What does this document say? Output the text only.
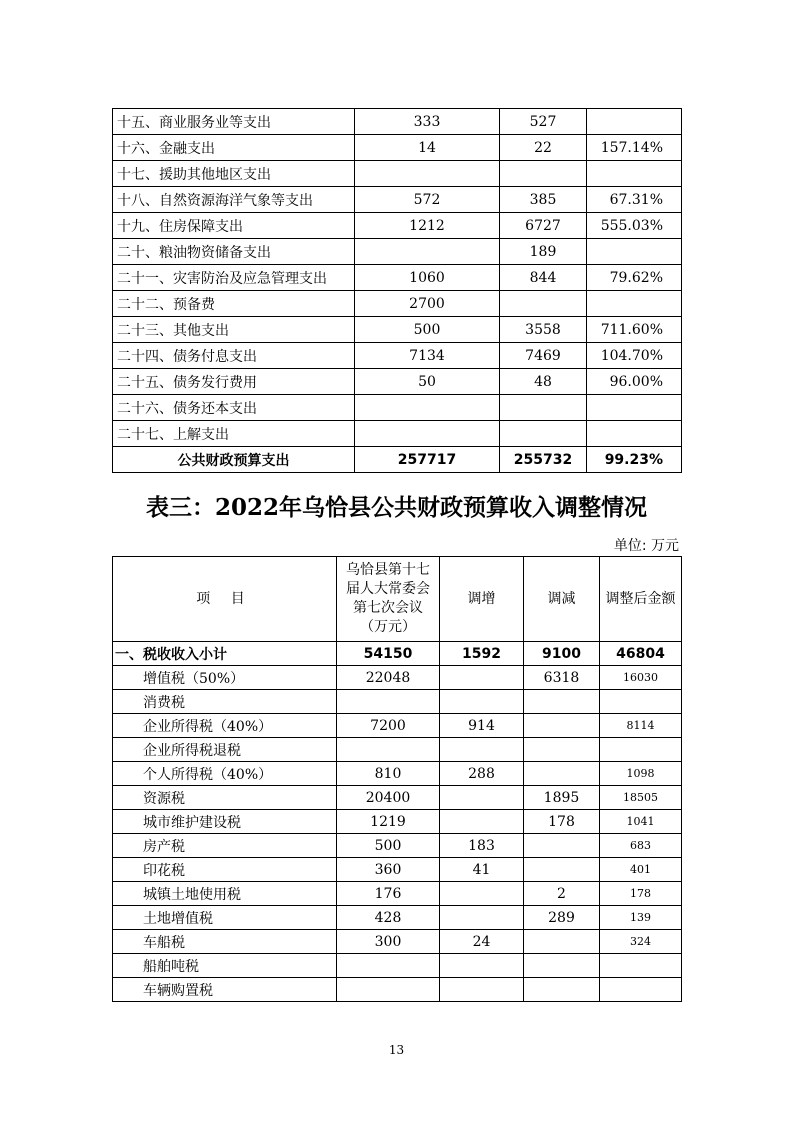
十五、商业服务业等支出	333	527	
十六、金融支出	14	22	157.14%
十七、援助其他地区支出			
十八、自然资源海洋气象等支出	572	385	67.31%
十九、住房保障支出	1212	6727	555.03%
二十、粮油物资储备支出		189	
二十一、灾害防治及应急管理支出	1060	844	79.62%
二十二、预备费	2700		
二十三、其他支出	500	3558	711.60%
二十四、债务付息支出	7134	7469	104.70%
二十五、债务发行费用	50	48	96.00%
二十六、债务还本支出			
二十七、上解支出			
公共财政预算支出	257717	255732	99.23%
表三：2022年乌恰县公共财政预算收入调整情况
单位: 万元
项 目	乌恰县第十七届人大常委会第七次会议（万元）	调增	调减	调整后金额
一、税收收入小计	54150	1592	9100	46804
增值税（50%）	22048		6318	16030
消费税				
企业所得税（40%）	7200	914		8114
企业所得税退税				
个人所得税（40%）	810	288		1098
资源税	20400		1895	18505
城市维护建设税	1219		178	1041
房产税	500	183		683
印花税	360	41		401
城镇土地使用税	176		2	178
土地增值税	428		289	139
车船税	300	24		324
船舶吨税				
车辆购置税				
13
